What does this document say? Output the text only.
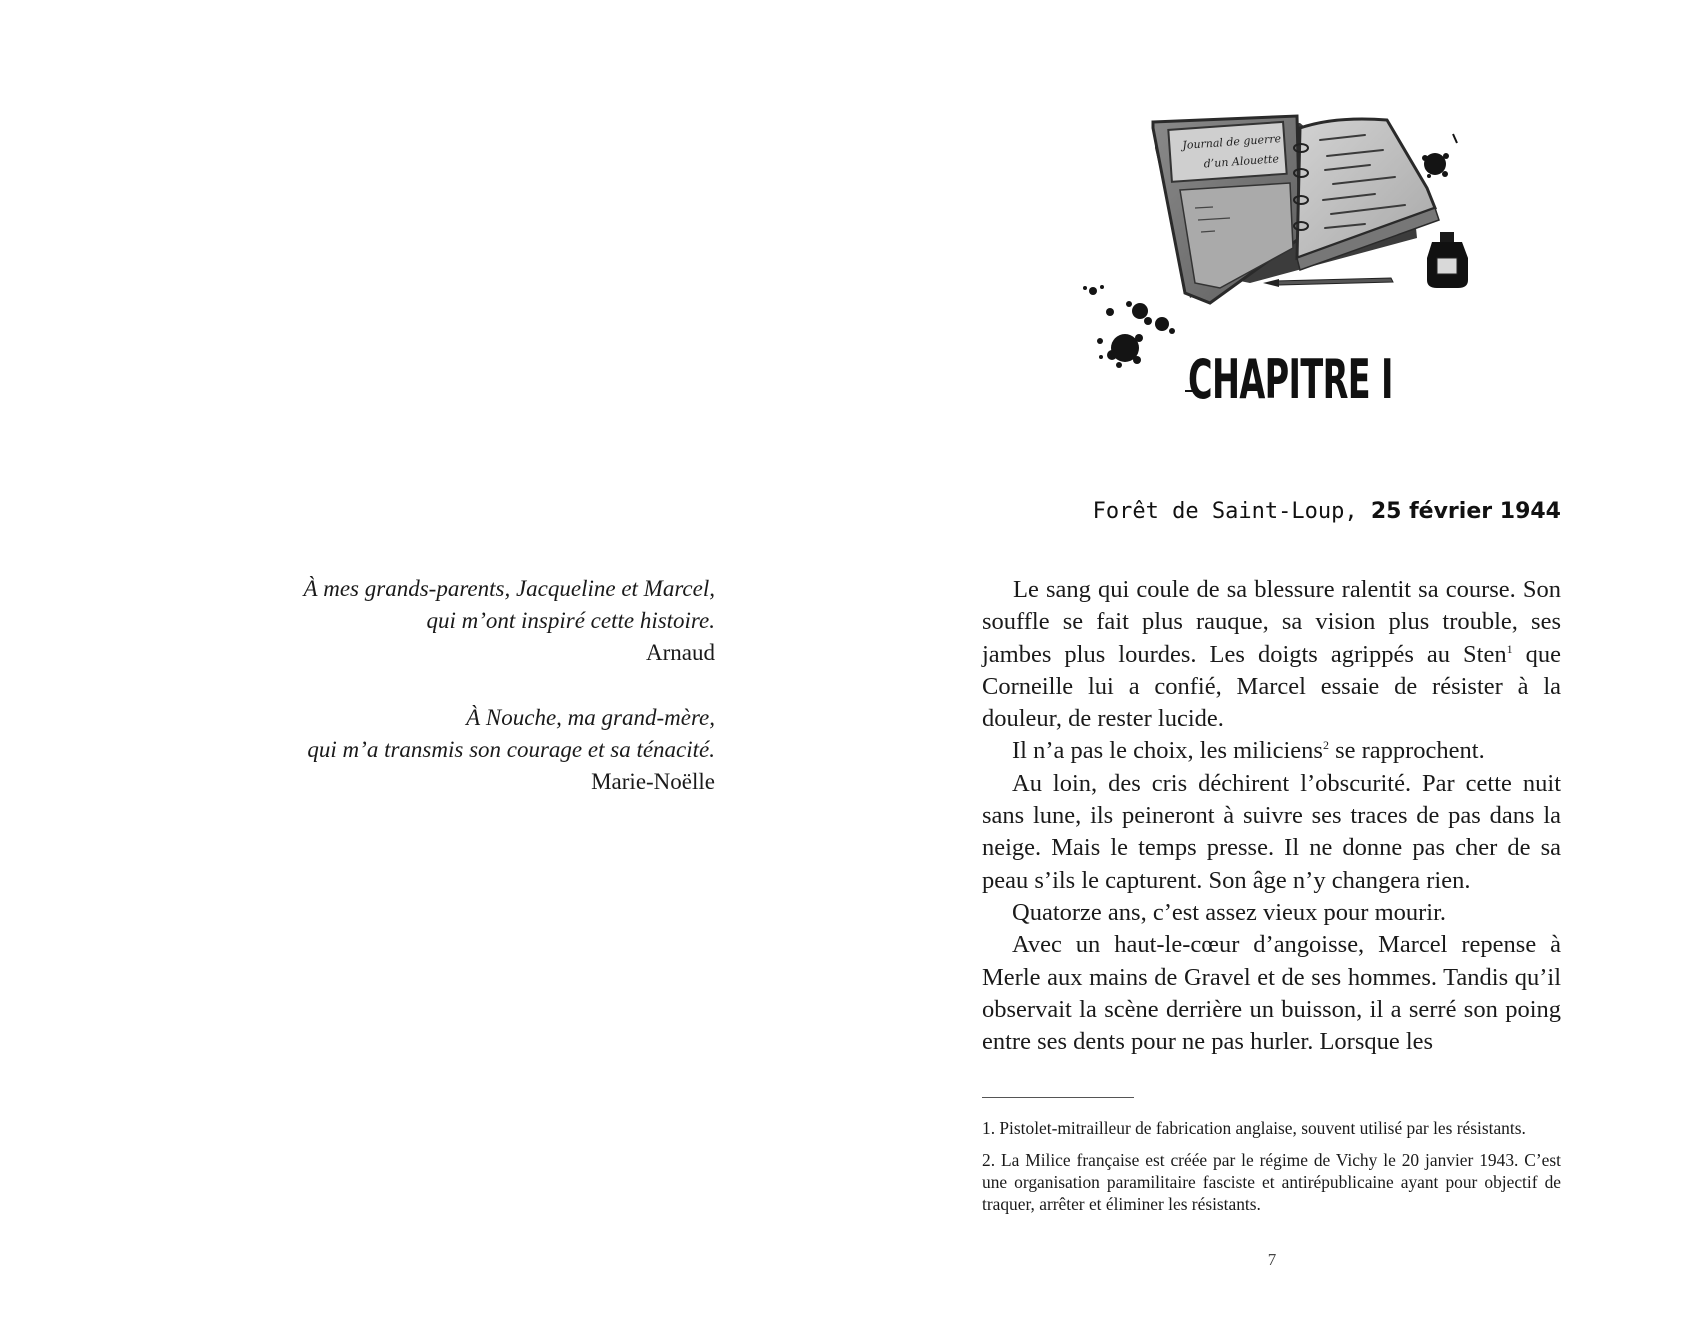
À mes grands-parents, Jacqueline et Marcel,
qui m’ont inspiré cette histoire.
Arnaud
À Nouche, ma grand-mère,
qui m’a transmis son courage et sa ténacité.
Marie-Noëlle
Journal de guerre
d’un Alouette
CHAPITRE I
Forêt de Saint-Loup, 25 février 1944

Le sang qui coule de sa blessure ralentit sa course. Son souffle se fait plus rauque, sa vision plus trouble, ses jambes plus lourdes. Les doigts agrippés au Sten$^1$ que Corneille lui a confié, Marcel essaie de résister à la douleur, de rester lucide.

Il n’a pas le choix, les miliciens$^2$ se rapprochent.

Au loin, des cris déchirent l’obscurité. Par cette nuit sans lune, ils peineront à suivre ses traces de pas dans la neige. Mais le temps presse. Il ne donne pas cher de sa peau s’ils le capturent. Son âge n’y changera rien.

Quatorze ans, c’est assez vieux pour mourir.

Avec un haut-le-cœur d’angoisse, Marcel repense à Merle aux mains de Gravel et de ses hommes. Tandis qu’il observait la scène derrière un buisson, il a serré son poing entre ses dents pour ne pas hurler. Lorsque les

1. Pistolet-mitrailleur de fabrication anglaise, souvent utilisé par les résistants.

2. La Milice française est créée par le régime de Vichy le 20 janvier 1943. C’est une organisation paramilitaire fasciste et antirépublicaine ayant pour objectif de traquer, arrêter et éliminer les résistants.

7
